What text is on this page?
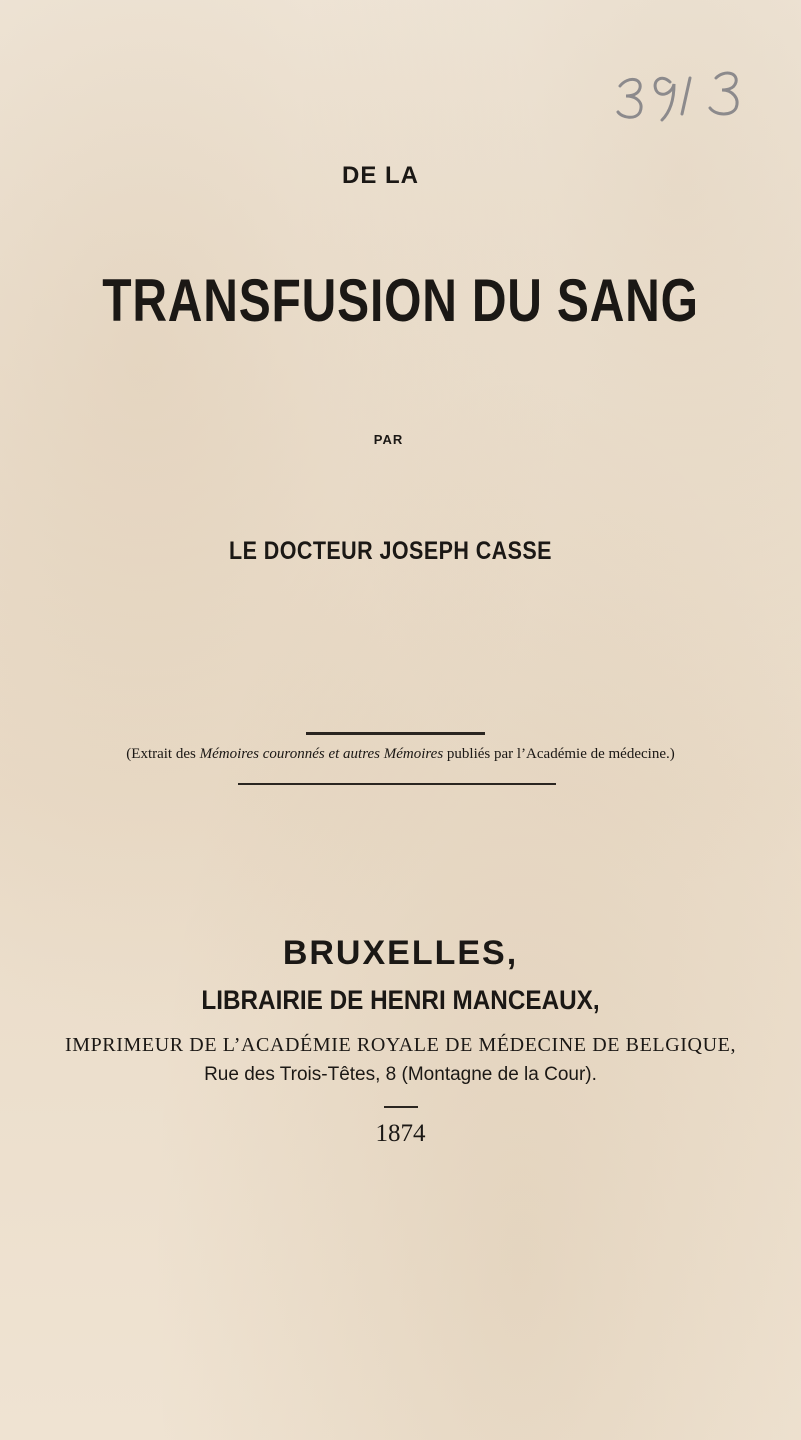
DE LA
TRANSFUSION DU SANG
PAR
LE DOCTEUR JOSEPH CASSE
(Extrait des Mémoires couronnés et autres Mémoires publiés par l’Académie de médecine.)
BRUXELLES,
LIBRAIRIE DE HENRI MANCEAUX,
IMPRIMEUR DE L’ACADÉMIE ROYALE DE MÉDECINE DE BELGIQUE,
Rue des Trois-Têtes, 8 (Montagne de la Cour).
1874
